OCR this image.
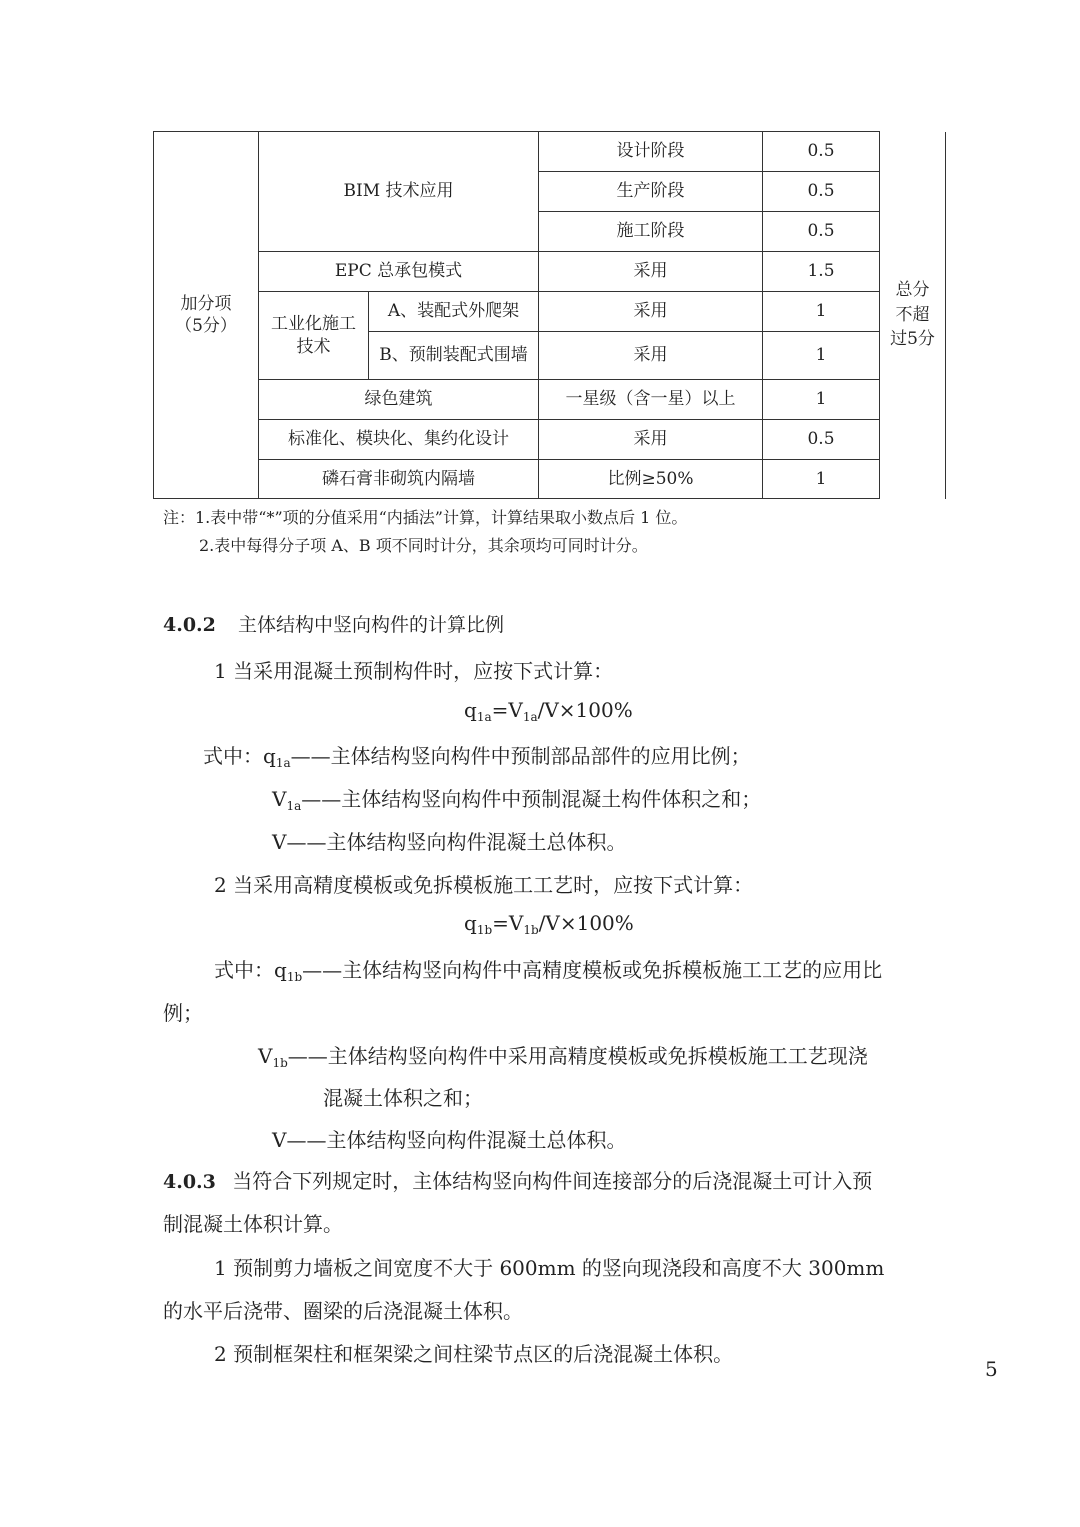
加分项
（5分）	BIM 技术应用		设计阶段	0.5	总分不超过5分

			生产阶段	0.5	
			施工阶段	0.5	
	EPC 总承包模式		采用	1.5	
	工业化施工技术	A、装配式外爬架	采用	1	
		B、预制装配式围墙	采用	1	
	绿色建筑		一星级（含一星）以上	1	
	标准化、模块化、集约化设计		采用	0.5	
	磷石膏非砌筑内隔墙		比例≥50%	1	
注：1.表中带“*”项的分值采用“内插法”计算，计算结果取小数点后 1 位。
2.表中每得分子项 A、B 项不同时计分，其余项均可同时计分。
4.0.2 主体结构中竖向构件的计算比例
1 当采用混凝土预制构件时，应按下式计算：
$q_{1a}=V_{1a}/V\times 100\%$
式中：$q_{1a}——$主体结构竖向构件中预制部品部件的应用比例；
$V_{1a}——$主体结构竖向构件中预制混凝土构件体积之和；
V——主体结构竖向构件混凝土总体积。
2 当采用高精度模板或免拆模板施工工艺时，应按下式计算：
$q_{1b}=V_{1b}/V\times 100\%$
式中：$q_{1b}——$主体结构竖向构件中高精度模板或免拆模板施工工艺的应用比
例；
$V_{1b}——$主体结构竖向构件中采用高精度模板或免拆模板施工工艺现浇
混凝土体积之和；
V——主体结构竖向构件混凝土总体积。
4.0.3 当符合下列规定时，主体结构竖向构件间连接部分的后浇混凝土可计入预
制混凝土体积计算。
1 预制剪力墙板之间宽度不大于 600mm 的竖向现浇段和高度不大 300mm
的水平后浇带、圈梁的后浇混凝土体积。
2 预制框架柱和框架梁之间柱梁节点区的后浇混凝土体积。
5
